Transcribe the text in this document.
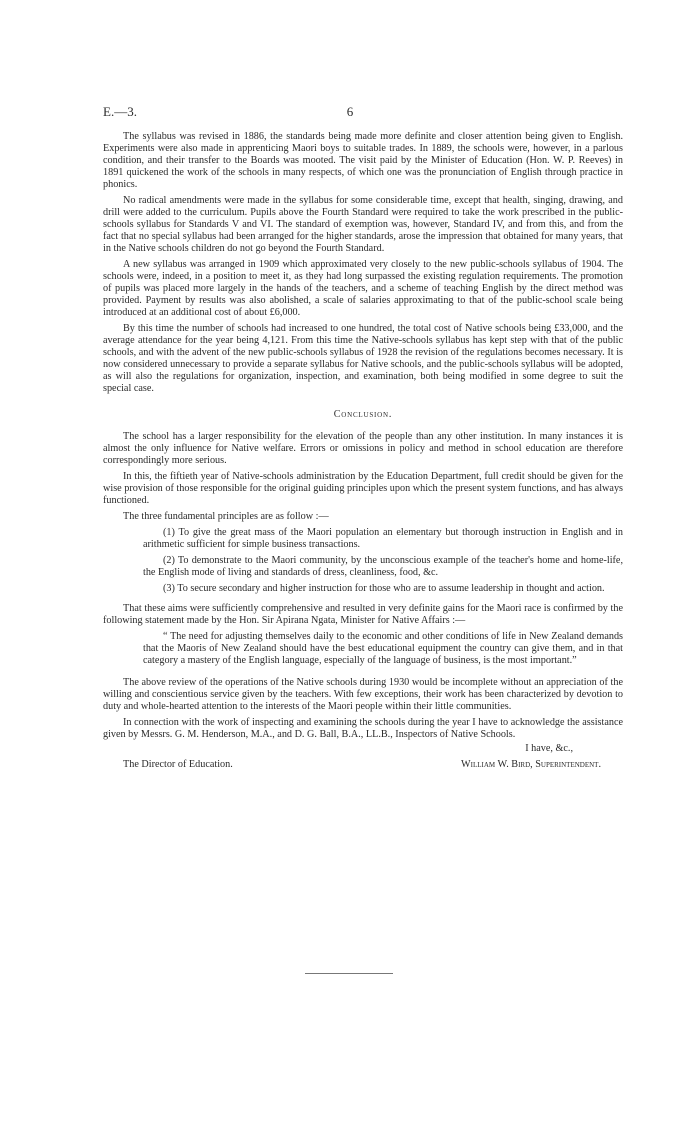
E.—3.	6

The syllabus was revised in 1886, the standards being made more definite and closer attention being given to English. Experiments were also made in apprenticing Maori boys to suitable trades. In 1889, the schools were, however, in a parlous condition, and their transfer to the Boards was mooted. The visit paid by the Minister of Education (Hon. W. P. Reeves) in 1891 quickened the work of the schools in many respects, of which one was the pronunciation of English through practice in phonics.

No radical amendments were made in the syllabus for some considerable time, except that health, singing, drawing, and drill were added to the curriculum. Pupils above the Fourth Standard were required to take the work prescribed in the public-schools syllabus for Standards V and VI. The standard of exemption was, however, Standard IV, and from this, and from the fact that no special syllabus had been arranged for the higher standards, arose the impression that obtained for many years, that in the Native schools children do not go beyond the Fourth Standard.

A new syllabus was arranged in 1909 which approximated very closely to the new public-schools syllabus of 1904. The schools were, indeed, in a position to meet it, as they had long surpassed the existing regulation requirements. The promotion of pupils was placed more largely in the hands of the teachers, and a scheme of teaching English by the direct method was provided. Payment by results was also abolished, a scale of salaries approximating to that of the public-school scale being introduced at an additional cost of about £6,000.

By this time the number of schools had increased to one hundred, the total cost of Native schools being £33,000, and the average attendance for the year being 4,121. From this time the Native-schools syllabus has kept step with that of the public schools, and with the advent of the new public-schools syllabus of 1928 the revision of the regulations becomes necessary. It is now considered unnecessary to provide a separate syllabus for Native schools, and the public-schools syllabus will be adopted, as will also the regulations for organization, inspection, and examination, both being modified in some degree to suit the special case.

Conclusion.

The school has a larger responsibility for the elevation of the people than any other institution. In many instances it is almost the only influence for Native welfare. Errors or omissions in policy and method in school education are therefore correspondingly more serious.

In this, the fiftieth year of Native-schools administration by the Education Department, full credit should be given for the wise provision of those responsible for the original guiding principles upon which the present system functions, and has always functioned.

The three fundamental principles are as follow :—

(1) To give the great mass of the Maori population an elementary but thorough instruction in English and in arithmetic sufficient for simple business transactions.

(2) To demonstrate to the Maori community, by the unconscious example of the teacher's home and home-life, the English mode of living and standards of dress, cleanliness, food, &c.

(3) To secure secondary and higher instruction for those who are to assume leadership in thought and action.

That these aims were sufficiently comprehensive and resulted in very definite gains for the Maori race is confirmed by the following statement made by the Hon. Sir Apirana Ngata, Minister for Native Affairs :—

“ The need for adjusting themselves daily to the economic and other conditions of life in New Zealand demands that the Maoris of New Zealand should have the best educational equipment the country can give them, and in that category a mastery of the English language, especially of the language of business, is the most important.”

The above review of the operations of the Native schools during 1930 would be incomplete without an appreciation of the willing and conscientious service given by the teachers. With few exceptions, their work has been characterized by devotion to duty and whole-hearted attention to the interests of the Maori people within their little communities.

In connection with the work of inspecting and examining the schools during the year I have to acknowledge the assistance given by Messrs. G. M. Henderson, M.A., and D. G. Ball, B.A., LL.B., Inspectors of Native Schools.

I have, &c.,
The Director of Education.	William W. Bird, Superintendent.
